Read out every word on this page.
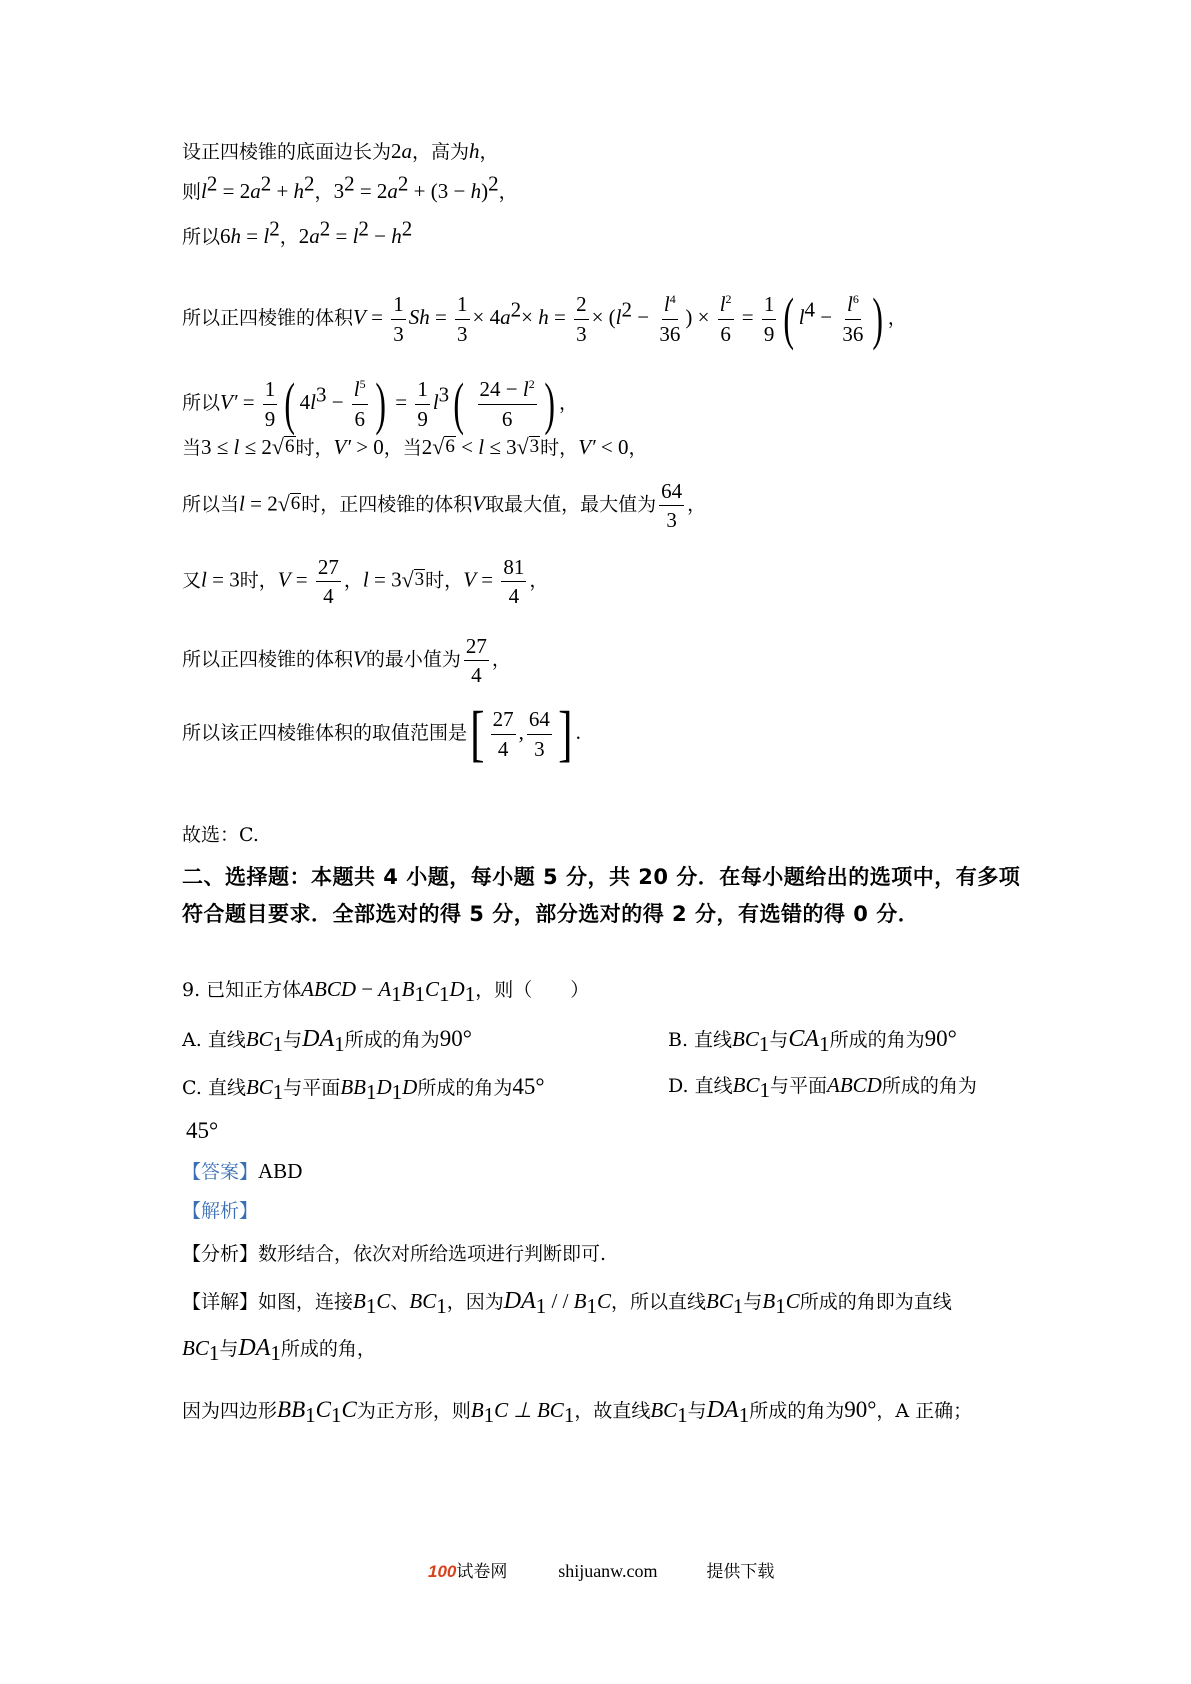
设正四棱锥的底面边长为2a，高为h，
则$l^2 = 2a^2 + h^2$，$3^2 = 2a^2 + (3 - h)^2$，
所以$6h = l^2$，$2a^2 = l^2 - h^2$
所以正四棱锥的体积$V = \frac{1}{3}$ $Sh = \frac{1}{3} \times 4a^2\times h = \frac{2}{3} \times (l^2 - \frac{l^4}{36}$ ) × $\frac{l^2}{6} = \frac{1}{9}$ ( $l^4 - \frac{l^6}{36}$ ) ，
所以$V' = \frac{1}{9}$ ( $4l^3 - \frac{l^5}{6}$ ) = $\frac{1}{9} l^3( \frac{24 - l^2}{6}$ ) ，
当3 ≤ l ≤ 2 √ 6 时，V′ > 0，当2 √ 6 < l ≤ 3 √ 3 时，V′ < 0，
所以当l = 2 √ 6 时，正四棱锥的体积V取最大值，最大值为 $\frac{64}{3}$ ，
又l = 3时，$V = \frac{27}{4}$ ，l = 3 √ 3 时，$V = \frac{81}{4}$ ，
所以正四棱锥的体积V的最小值为 $\frac{27}{4}$ ，
所以该正四棱锥体积的取值范围是[ $\frac{27}{4}$ , $\frac{64}{3}$ ] .
故选：C.
二、选择题：本题共 4 小题，每小题 5 分，共 20 分．在每小题给出的选项中，有多项符合题目要求．全部选对的得 5 分，部分选对的得 2 分，有选错的得 0 分．
9. 已知正方体ABCD − $A_1B_1C_1D_1$，则（　　）
A. 直线$BC_1$与$DA_1$所成的角为90°	B. 直线$BC_1$与$CA_1$所成的角为90°
C. 直线$BC_1$与平面$BB_1D_1D$所成的角为45°	D. 直线$BC_1$与平面ABCD所成的角为
45°
【答案】ABD
【解析】
【分析】数形结合，依次对所给选项进行判断即可.
【详解】如图，连接$B_1C$、$BC_1$，因为$DA_1$ / / $B_1C$，所以直线$BC_1$与$B_1C$所成的角即为直线
$BC_1$与$DA_1$所成的角，
因为四边形$BB_1C_1C$为正方形，则$B_1C$ ⊥ $BC_1$，故直线$BC_1$与$DA_1$所成的角为90°，A 正确；
100试卷网	shijuanw.com	提供下载
